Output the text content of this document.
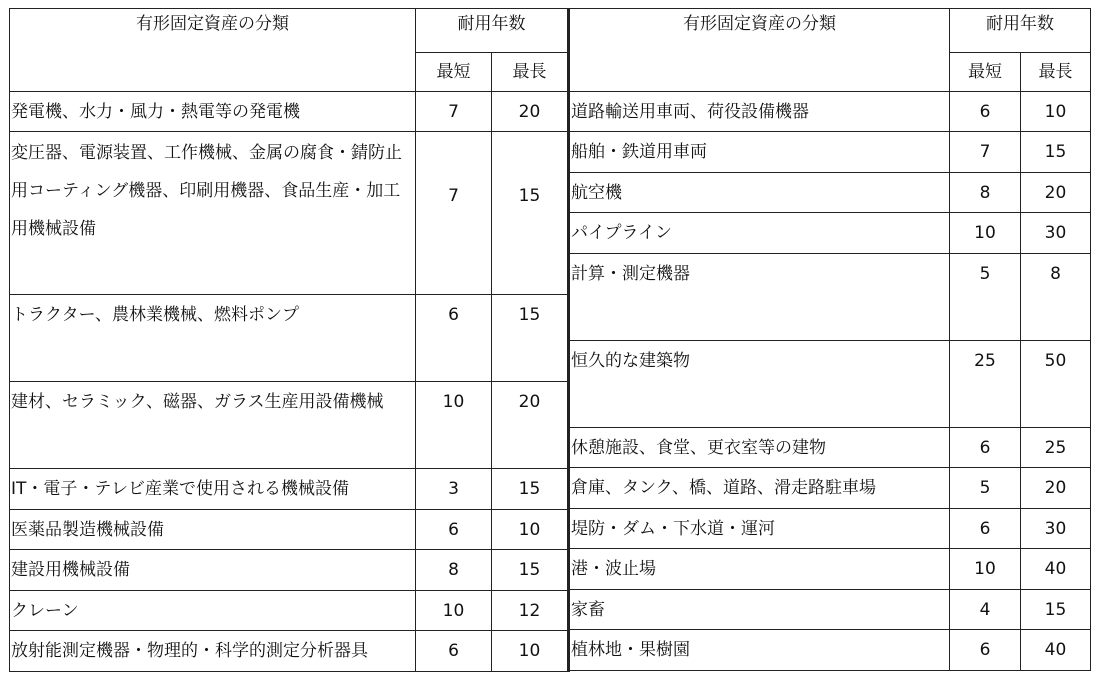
有形固定資産の分類	耐用年数	
	最短	最長
発電機、水力・風力・熱電等の発電機	7	20
変圧器、電源装置、工作機械、金属の腐食・錆防止用コーティング機器、印刷用機器、食品生産・加工用機械設備	7	15
トラクター、農林業機械、燃料ポンプ	6	15
建材、セラミック、磁器、ガラス生産用設備機械	10	20
IT・電子・テレビ産業で使用される機械設備	3	15
医薬品製造機械設備	6	10
建設用機械設備	8	15
クレーン	10	12
放射能測定機器・物理的・科学的測定分析器具	6	10
有形固定資産の分類	耐用年数	
	最短	最長
道路輸送用車両、荷役設備機器	6	10
船舶・鉄道用車両	7	15
航空機	8	20
パイプライン	10	30
計算・測定機器	5	8
恒久的な建築物	25	50
休憩施設、食堂、更衣室等の建物	6	25
倉庫、タンク、橋、道路、滑走路駐車場	5	20
堤防・ダム・下水道・運河	6	30
港・波止場	10	40
家畜	4	15
植林地・果樹園	6	40
